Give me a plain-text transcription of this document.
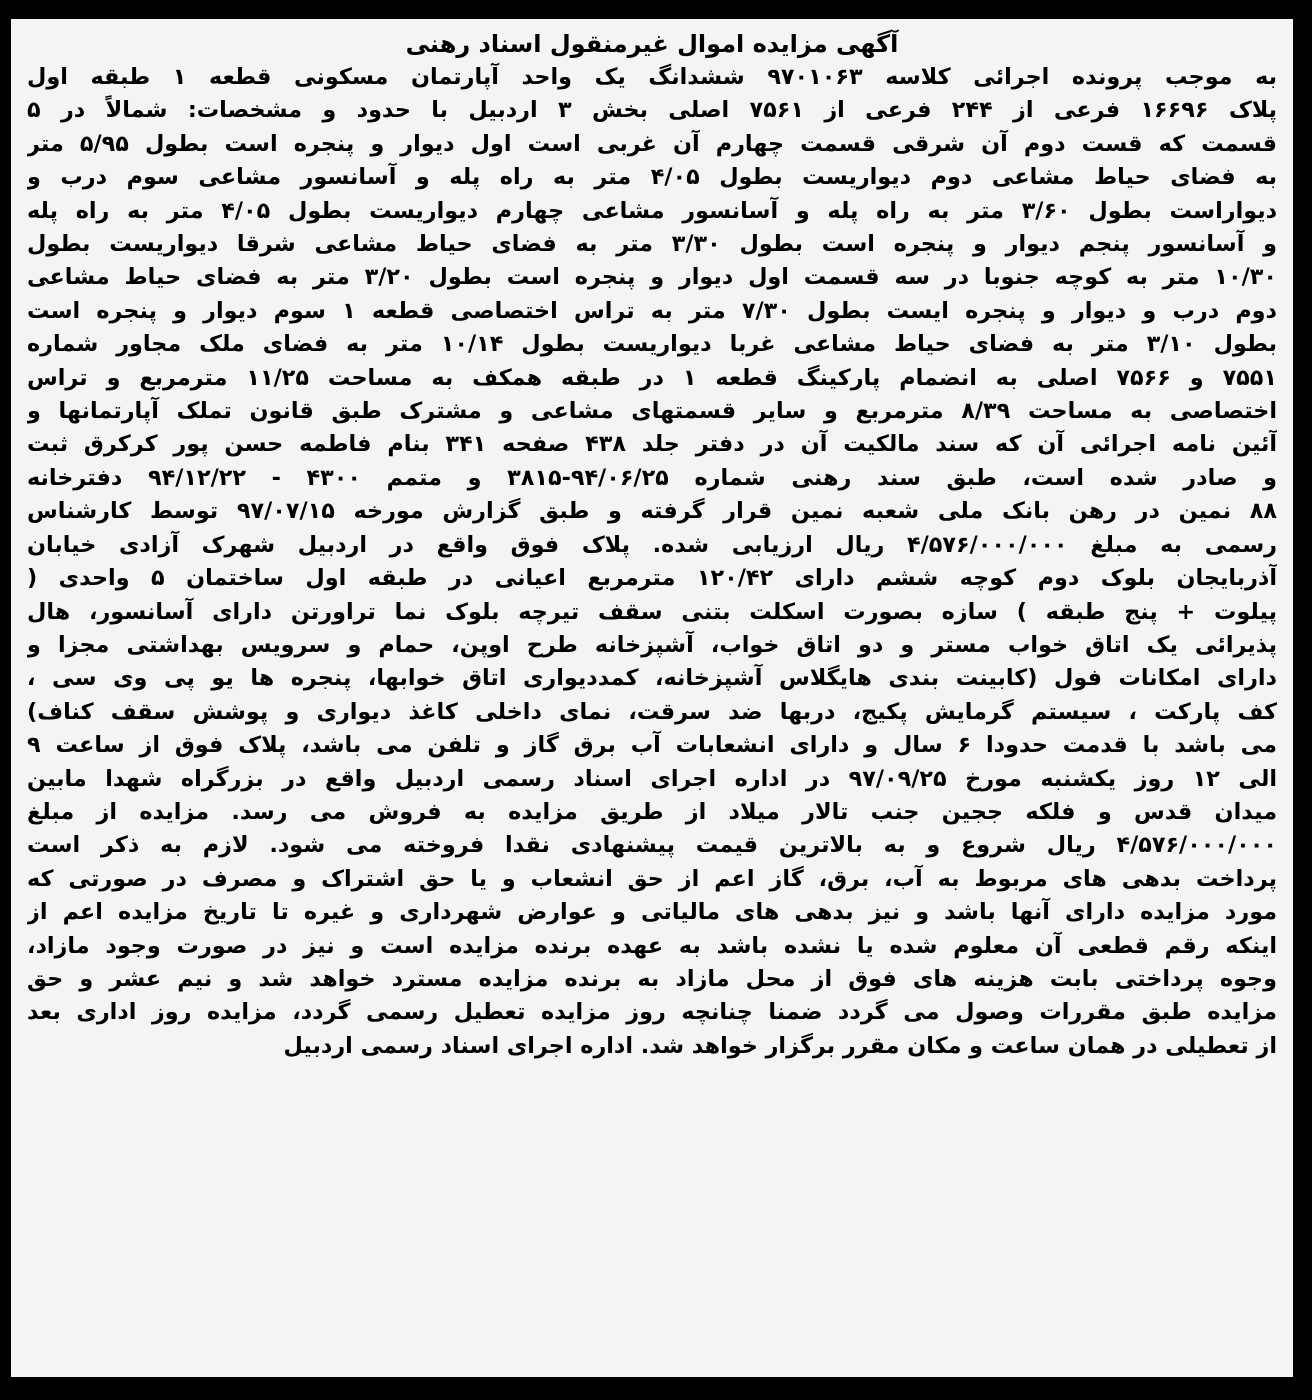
آگهی مزایده اموال غیرمنقول اسناد رهنی
به موجب پرونده اجرائی کلاسه ۹۷۰۱۰۶۳ ششدانگ یک واحد آپارتمان مسکونی قطعه ۱ طبقه اول
پلاک ۱۶۶۹۶ فرعی از ۲۴۴ فرعی از ۷۵۶۱ اصلی بخش ۳ اردبیل با حدود و مشخصات: شمالاً در ۵
قسمت که قست دوم آن شرقی قسمت چهارم آن غربی است اول دیوار و پنجره است بطول ۵/۹۵ متر
به فضای حیاط مشاعی دوم دیواریست بطول ۴/۰۵ متر به راه پله و آسانسور مشاعی سوم درب و
دیواراست بطول ۳/۶۰ متر به راه پله و آسانسور مشاعی چهارم دیواریست بطول ۴/۰۵ متر به راه پله
و آسانسور پنجم دیوار و پنجره است بطول ۳/۳۰ متر به فضای حیاط مشاعی شرقا دیواریست بطول
۱۰/۳۰ متر به کوچه جنوبا در سه قسمت اول دیوار و پنجره است بطول ۳/۲۰ متر به فضای حیاط مشاعی
دوم درب و دیوار و پنجره ایست بطول ۷/۳۰ متر به تراس اختصاصی قطعه ۱ سوم دیوار و پنجره است
بطول ۳/۱۰ متر به فضای حیاط مشاعی غربا دیواریست بطول ۱۰/۱۴ متر به فضای ملک مجاور شماره
۷۵۵۱ و ۷۵۶۶ اصلی به انضمام پارکینگ قطعه ۱ در طبقه همکف به مساحت ۱۱/۲۵ مترمربع و تراس
اختصاصی به مساحت ۸/۳۹ مترمربع و سایر قسمتهای مشاعی و مشترک طبق قانون تملک آپارتمانها و
آئین نامه اجرائی آن که سند مالکیت آن در دفتر جلد ۴۳۸ صفحه ۳۴۱ بنام فاطمه حسن پور کرکرق ثبت
و صادر شده است، طبق سند رهنی شماره ۹۴/۰۶/۲۵-۳۸۱۵ و متمم ۴۳۰۰ - ۹۴/۱۲/۲۲ دفترخانه
۸۸ نمین در رهن بانک ملی شعبه نمین قرار گرفته و طبق گزارش مورخه ۹۷/۰۷/۱۵ توسط کارشناس
رسمی به مبلغ ۴/۵۷۶/۰۰۰/۰۰۰ ریال ارزیابی شده. پلاک فوق واقع در اردبیل شهرک آزادی خیابان
آذربایجان بلوک دوم کوچه ششم دارای ۱۲۰/۴۲ مترمربع اعیانی در طبقه اول ساختمان ۵ واحدی (
پیلوت + پنج طبقه ) سازه بصورت اسکلت بتنی سقف تیرچه بلوک نما تراورتن دارای آسانسور، هال
پذیرائی یک اتاق خواب مستر و دو اتاق خواب، آشپزخانه طرح اوپن، حمام و سرویس بهداشتی مجزا و
دارای امکانات فول (کابینت بندی هایگلاس آشپزخانه، کمددیواری اتاق خوابها، پنجره ها یو پی وی سی ،
کف پارکت ، سیستم گرمایش پکیج، دربها ضد سرقت، نمای داخلی کاغذ دیواری و پوشش سقف کناف)
می باشد با قدمت حدودا ۶ سال و دارای انشعابات آب برق گاز و تلفن می باشد، پلاک فوق از ساعت ۹
الی ۱۲ روز یکشنبه مورخ ۹۷/۰۹/۲۵ در اداره اجرای اسناد رسمی اردبیل واقع در بزرگراه شهدا مابین
میدان قدس و فلکه ججین جنب تالار میلاد از طریق مزایده به فروش می رسد. مزایده از مبلغ
۴/۵۷۶/۰۰۰/۰۰۰ ریال شروع و به بالاترین قیمت پیشنهادی نقدا فروخته می شود. لازم به ذکر است
پرداخت بدهی های مربوط به آب، برق، گاز اعم از حق انشعاب و یا حق اشتراک و مصرف در صورتی که
مورد مزایده دارای آنها باشد و نیز بدهی های مالیاتی و عوارض شهرداری و غیره تا تاریخ مزایده اعم از
اینکه رقم قطعی آن معلوم شده یا نشده باشد به عهده برنده مزایده است و نیز در صورت وجود مازاد،
وجوه پرداختی بابت هزینه های فوق از محل مازاد به برنده مزایده مسترد خواهد شد و نیم عشر و حق
مزایده طبق مقررات وصول می گردد ضمنا چنانچه روز مزایده تعطیل رسمی گردد، مزایده روز اداری بعد
از تعطیلی در همان ساعت و مکان مقرر برگزار خواهد شد. اداره اجرای اسناد رسمی اردبیل
